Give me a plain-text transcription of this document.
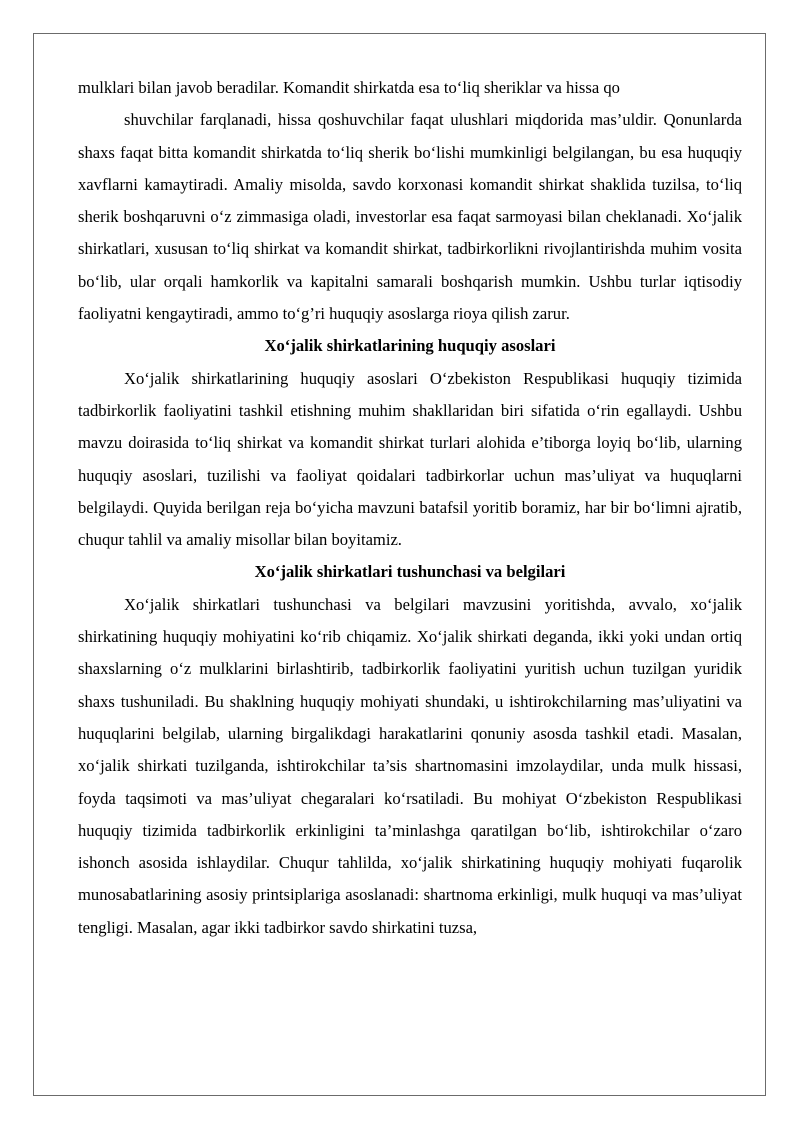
mulklari bilan javob beradilar. Komandit shirkatda esa to‘liq sheriklar va hissa qo

shuvchilar farqlanadi, hissa qoshuvchilar faqat ulushlari miqdorida mas’uldir. Qonunlarda shaxs faqat bitta komandit shirkatda to‘liq sherik bo‘lishi mumkinligi belgilangan, bu esa huquqiy xavflarni kamaytiradi. Amaliy misolda, savdo korxonasi komandit shirkat shaklida tuzilsa, to‘liq sherik boshqaruvni o‘z zimmasiga oladi, investorlar esa faqat sarmoyasi bilan cheklanadi. Xo‘jalik shirkatlari, xususan to‘liq shirkat va komandit shirkat, tadbirkorlikni rivojlantirishda muhim vosita bo‘lib, ular orqali hamkorlik va kapitalni samarali boshqarish mumkin. Ushbu turlar iqtisodiy faoliyatni kengaytiradi, ammo to‘g’ri huquqiy asoslarga rioya qilish zarur.

Xo‘jalik shirkatlarining huquqiy asoslari

Xo‘jalik shirkatlarining huquqiy asoslari O‘zbekiston Respublikasi huquqiy tizimida tadbirkorlik faoliyatini tashkil etishning muhim shakllaridan biri sifatida o‘rin egallaydi. Ushbu mavzu doirasida to‘liq shirkat va komandit shirkat turlari alohida e’tiborga loyiq bo‘lib, ularning huquqiy asoslari, tuzilishi va faoliyat qoidalari tadbirkorlar uchun mas’uliyat va huquqlarni belgilaydi. Quyida berilgan reja bo‘yicha mavzuni batafsil yoritib boramiz, har bir bo‘limni ajratib, chuqur tahlil va amaliy misollar bilan boyitamiz.

Xo‘jalik shirkatlari tushunchasi va belgilari

Xo‘jalik shirkatlari tushunchasi va belgilari mavzusini yoritishda, avvalo, xo‘jalik shirkatining huquqiy mohiyatini ko‘rib chiqamiz. Xo‘jalik shirkati deganda, ikki yoki undan ortiq shaxslarning o‘z mulklarini birlashtirib, tadbirkorlik faoliyatini yuritish uchun tuzilgan yuridik shaxs tushuniladi. Bu shaklning huquqiy mohiyati shundaki, u ishtirokchilarning mas’uliyatini va huquqlarini belgilab, ularning birgalikdagi harakatlarini qonuniy asosda tashkil etadi. Masalan, xo‘jalik shirkati tuzilganda, ishtirokchilar ta’sis shartnomasini imzolaydilar, unda mulk hissasi, foyda taqsimoti va mas’uliyat chegaralari ko‘rsatiladi. Bu mohiyat O‘zbekiston Respublikasi huquqiy tizimida tadbirkorlik erkinligini ta’minlashga qaratilgan bo‘lib, ishtirokchilar o‘zaro ishonch asosida ishlaydilar. Chuqur tahlilda, xo‘jalik shirkatining huquqiy mohiyati fuqarolik munosabatlarining asosiy printsiplariga asoslanadi: shartnoma erkinligi, mulk huquqi va mas’uliyat tengligi. Masalan, agar ikki tadbirkor savdo shirkatini tuzsa,
